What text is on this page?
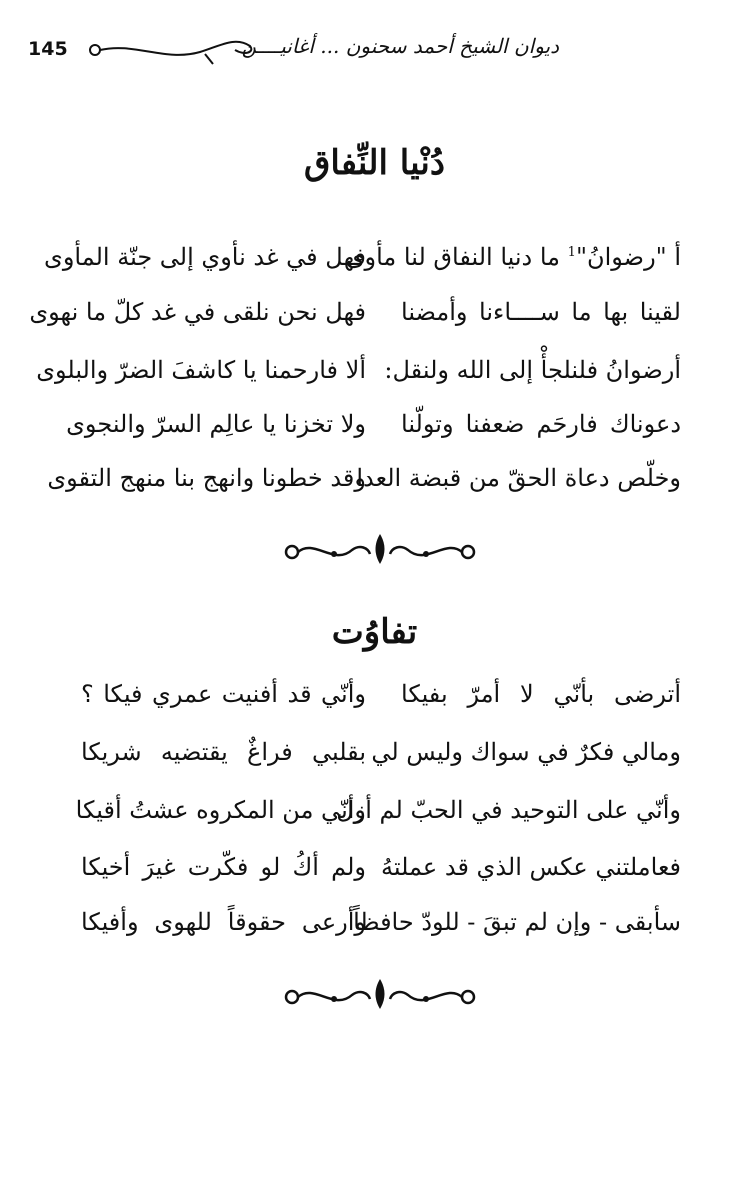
145	ديوان الشيخ أحمد سحنون ... أغانيــــن
دُنْيا النِّفاق
أ "رضوانُ"$^1$ ما دنيا النفاق لنا مأوى
فهل في غد نأوي إلى جنّة المأوى
لقينا بها ما ســــاءنا وأمضنا
فهل نحن نلقى في غد كلّ ما نهوى
أرضوانُ فلنلجأْ إلى الله ولنقل:
ألا فارحمنا يا كاشفَ الضرّ والبلوى
دعوناك فارحَم ضعفنا وتولّنا
ولا تخزنا يا عالِم السرّ والنجوى
وخلّص دعاة الحقّ من قبضة العدا
وقد خطونا وانهج بنا منهج التقوى
تفاوُت
أترضى بأنّي لا أمرّ بفيكا
وأنّي قد أفنيت عمري فيكا ؟
ومالي فكرٌ في سواك وليس لي
بقلبي فراغٌ يقتضيه شريكا
وأنّي على التوحيد في الحبّ لم أزل
وأنّي من المكروه عشتُ أقيكا
فعاملتني عكس الذي قد عملتهُ
ولم أكُ لو فكّرت غيرَ أخيكا
سأبقى - وإن لم تبقَ - للودّ حافظاً
وأرعى حقوقاً للهوى وأفيكا
